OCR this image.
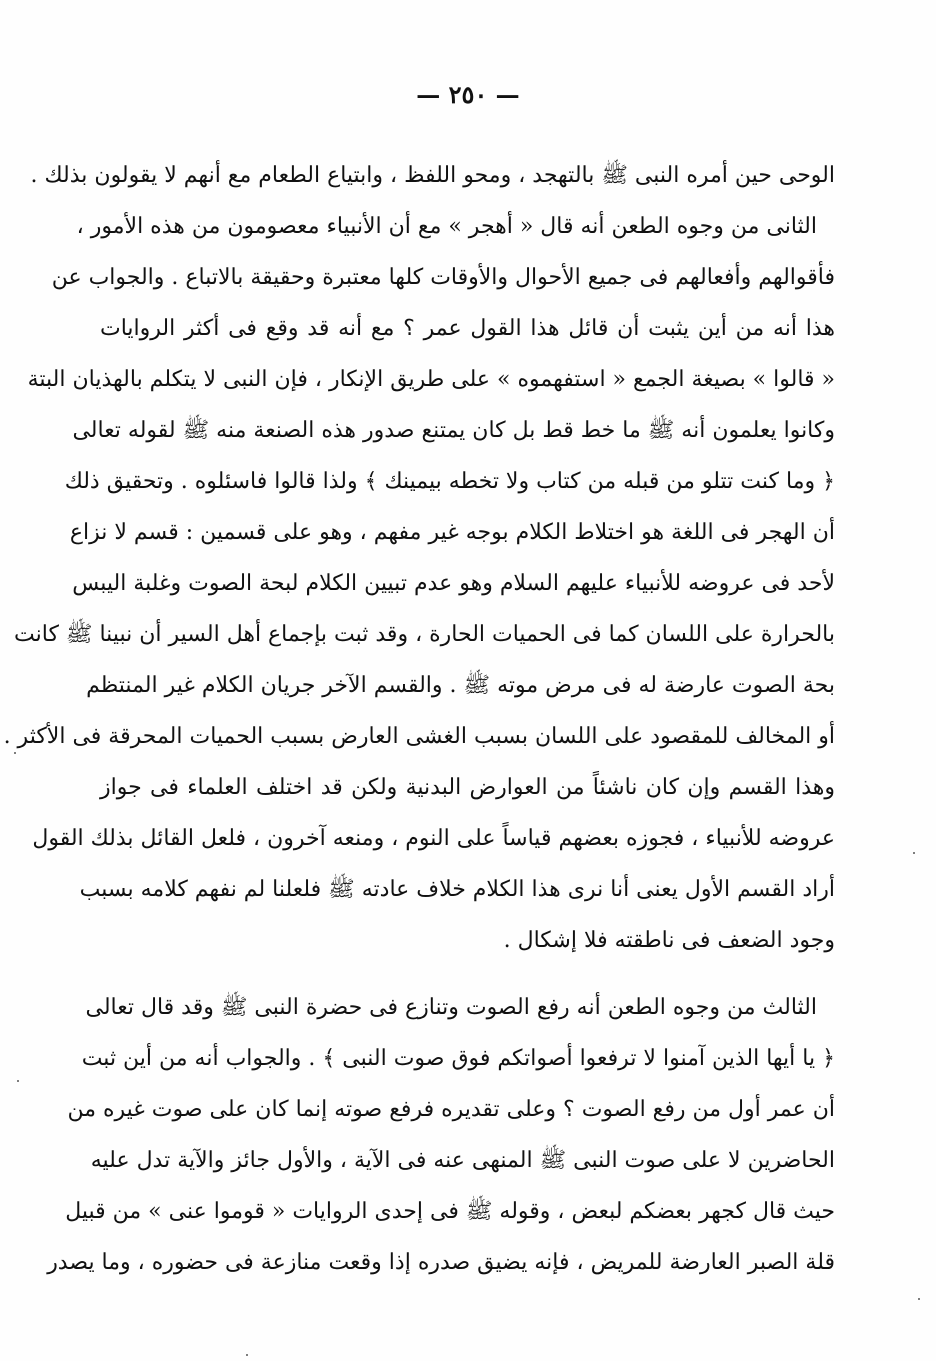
— ٢٥٠ —
الوحى حين أمره النبى ﷺ بالتهجد ، ومحو اللفظ ، وابتياع الطعام مع أنهم لا يقولون بذلك .
الثانى من وجوه الطعن أنه قال « أهجر » مع أن الأنبياء معصومون من هذه الأمور ،
فأقوالهم وأفعالهم فى جميع الأحوال والأوقات كلها معتبرة وحقيقة بالاتباع . والجواب عن
هذا أنه من أين يثبت أن قائل هذا القول عمر ؟ مع أنه قد وقع فى أكثر الروايات
« قالوا » بصيغة الجمع « استفهموه » على طريق الإنكار ، فإن النبى لا يتكلم بالهذيان البتة
وكانوا يعلمون أنه ﷺ ما خط قط بل كان يمتنع صدور هذه الصنعة منه ﷺ لقوله تعالى
﴿ وما كنت تتلو من قبله من كتاب ولا تخطه بيمينك ﴾ ولذا قالوا فاسئلوه . وتحقيق ذلك
أن الهجر فى اللغة هو اختلاط الكلام بوجه غير مفهم ، وهو على قسمين : قسم لا نزاع
لأحد فى عروضه للأنبياء عليهم السلام وهو عدم تبيين الكلام لبحة الصوت وغلبة اليبس
بالحرارة على اللسان كما فى الحميات الحارة ، وقد ثبت بإجماع أهل السير أن نبينا ﷺ كانت
بحة الصوت عارضة له فى مرض موته ﷺ . والقسم الآخر جريان الكلام غير المنتظم
أو المخالف للمقصود على اللسان بسبب الغشى العارض بسبب الحميات المحرقة فى الأكثر .
وهذا القسم وإن كان ناشئاً من العوارض البدنية ولكن قد اختلف العلماء فى جواز
عروضه للأنبياء ، فجوزه بعضهم قياساً على النوم ، ومنعه آخرون ، فلعل القائل بذلك القول
أراد القسم الأول يعنى أنا نرى هذا الكلام خلاف عادته ﷺ فلعلنا لم نفهم كلامه بسبب
وجود الضعف فى ناطقته فلا إشكال .
الثالث من وجوه الطعن أنه رفع الصوت وتنازع فى حضرة النبى ﷺ وقد قال تعالى
﴿ يا أيها الذين آمنوا لا ترفعوا أصواتكم فوق صوت النبى ﴾ . والجواب أنه من أين ثبت
أن عمر أول من رفع الصوت ؟ وعلى تقديره فرفع صوته إنما كان على صوت غيره من
الحاضرين لا على صوت النبى ﷺ المنهى عنه فى الآية ، والأول جائز والآية تدل عليه
حيث قال كجهر بعضكم لبعض ، وقوله ﷺ فى إحدى الروايات « قوموا عنى » من قبيل
قلة الصبر العارضة للمريض ، فإنه يضيق صدره إذا وقعت منازعة فى حضوره ، وما يصدر
